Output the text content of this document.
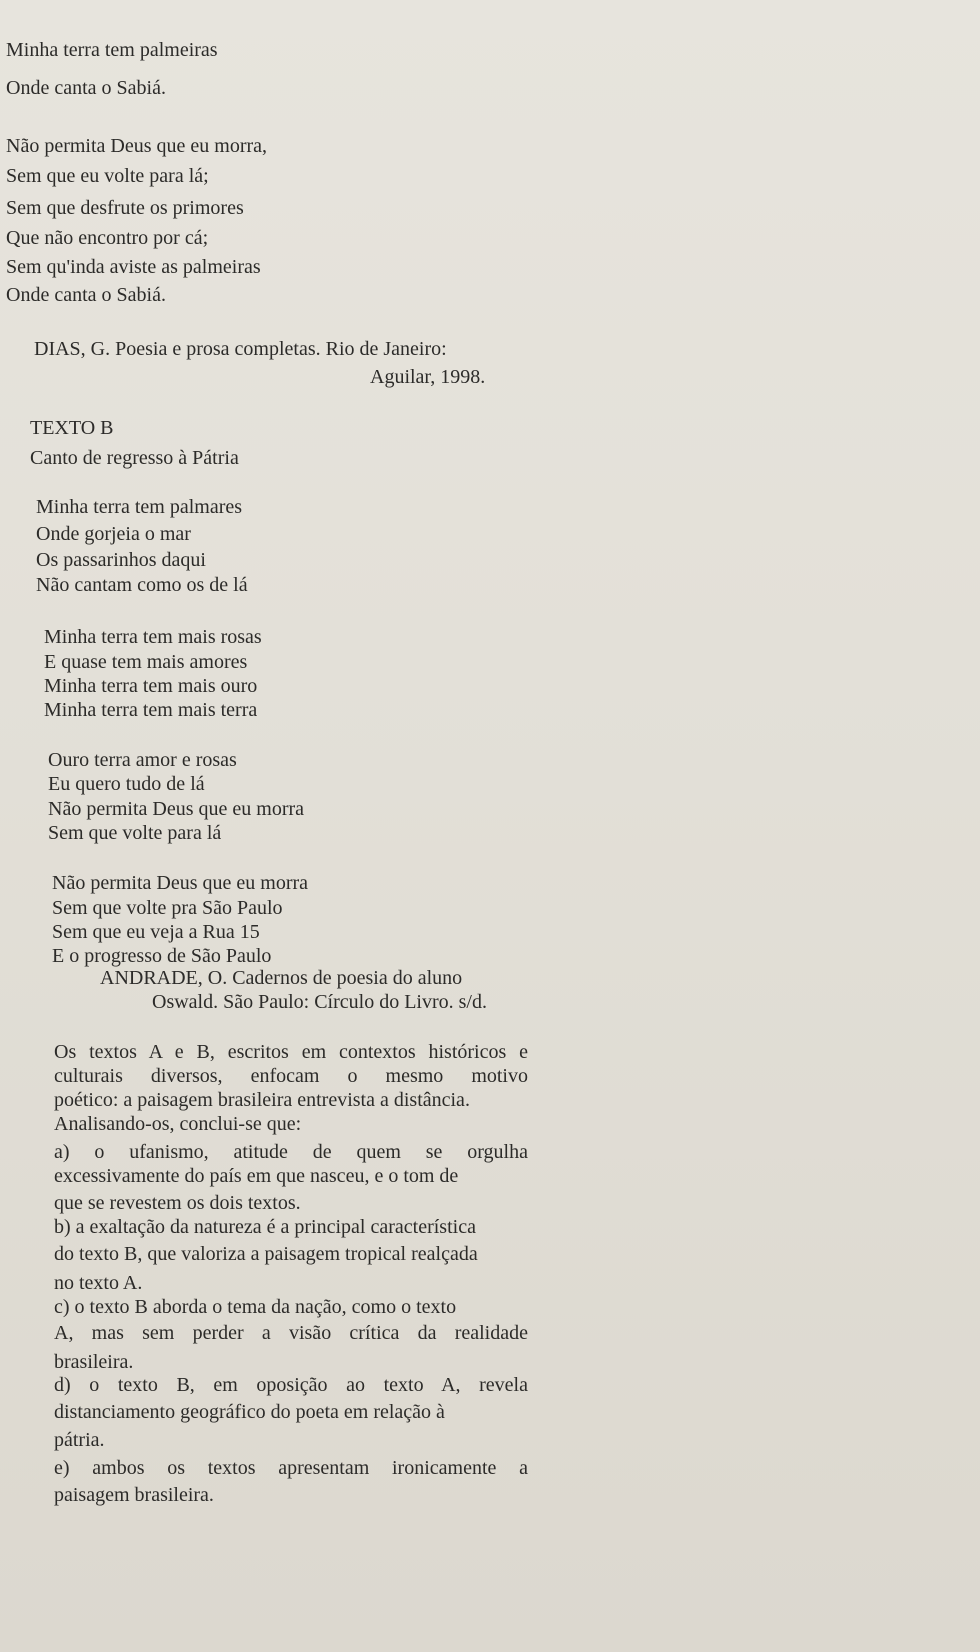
Minha terra tem palmeiras
Onde canta o Sabiá.
Não permita Deus que eu morra,
Sem que eu volte para lá;
Sem que desfrute os primores
Que não encontro por cá;
Sem qu'inda aviste as palmeiras
Onde canta o Sabiá.
DIAS, G. Poesia e prosa completas. Rio de Janeiro:
Aguilar, 1998.
TEXTO B
Canto de regresso à Pátria
Minha terra tem palmares
Onde gorjeia o mar
Os passarinhos daqui
Não cantam como os de lá
Minha terra tem mais rosas
E quase tem mais amores
Minha terra tem mais ouro
Minha terra tem mais terra
Ouro terra amor e rosas
Eu quero tudo de lá
Não permita Deus que eu morra
Sem que volte para lá
Não permita Deus que eu morra
Sem que volte pra São Paulo
Sem que eu veja a Rua 15
E o progresso de São Paulo
ANDRADE, O. Cadernos de poesia do aluno
Oswald. São Paulo: Círculo do Livro. s/d.
Os textos A e B, escritos em contextos históricos e
culturais diversos, enfocam o mesmo motivo
poético: a paisagem brasileira entrevista a distância.
Analisando-os, conclui-se que:
a) o ufanismo, atitude de quem se orgulha
excessivamente do país em que nasceu, e o tom de
que se revestem os dois textos.
b) a exaltação da natureza é a principal característica
do texto B, que valoriza a paisagem tropical realçada
no texto A.
c) o texto B aborda o tema da nação, como o texto
A, mas sem perder a visão crítica da realidade
brasileira.
d) o texto B, em oposição ao texto A, revela
distanciamento geográfico do poeta em relação à
pátria.
e) ambos os textos apresentam ironicamente a
paisagem brasileira.
